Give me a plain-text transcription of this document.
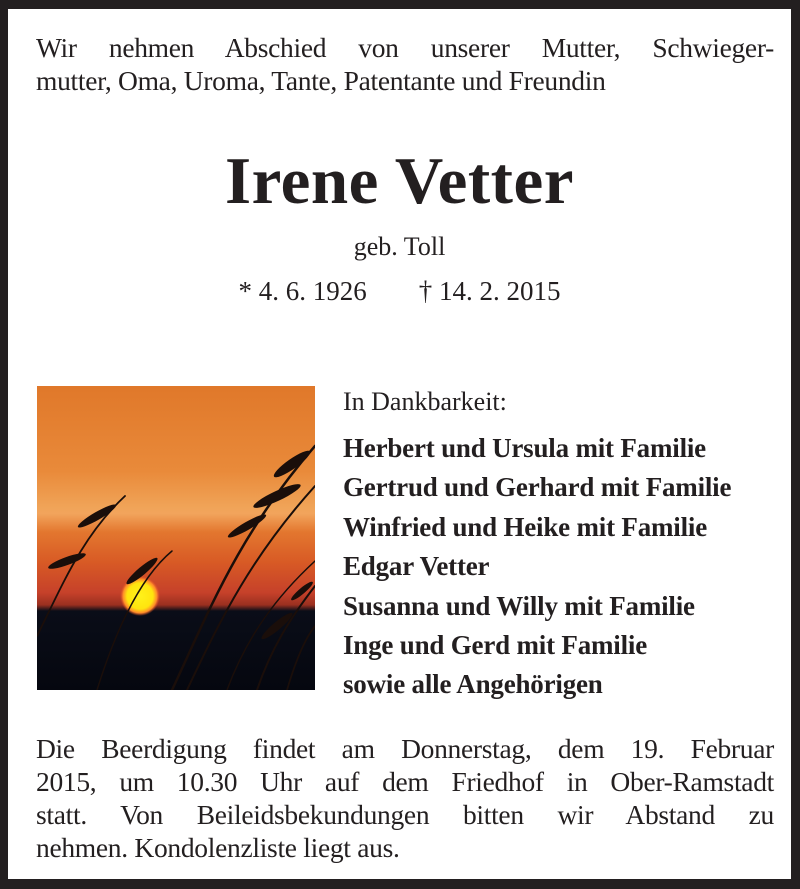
Wir nehmen Abschied von unserer Mutter, Schwieger-
mutter, Oma, Uroma, Tante, Patentante und Freundin
Irene Vetter
geb. Toll
* 4. 6. 1926 † 14. 2. 2015
In Dankbarkeit:
Herbert und Ursula mit Familie
Gertrud und Gerhard mit Familie
Winfried und Heike mit Familie
Edgar Vetter
Susanna und Willy mit Familie
Inge und Gerd mit Familie
sowie alle Angehörigen
Die Beerdigung findet am Donnerstag, dem 19. Februar
2015, um 10.30 Uhr auf dem Friedhof in Ober-Ramstadt
statt. Von Beileidsbekundungen bitten wir Abstand zu
nehmen. Kondolenzliste liegt aus.
